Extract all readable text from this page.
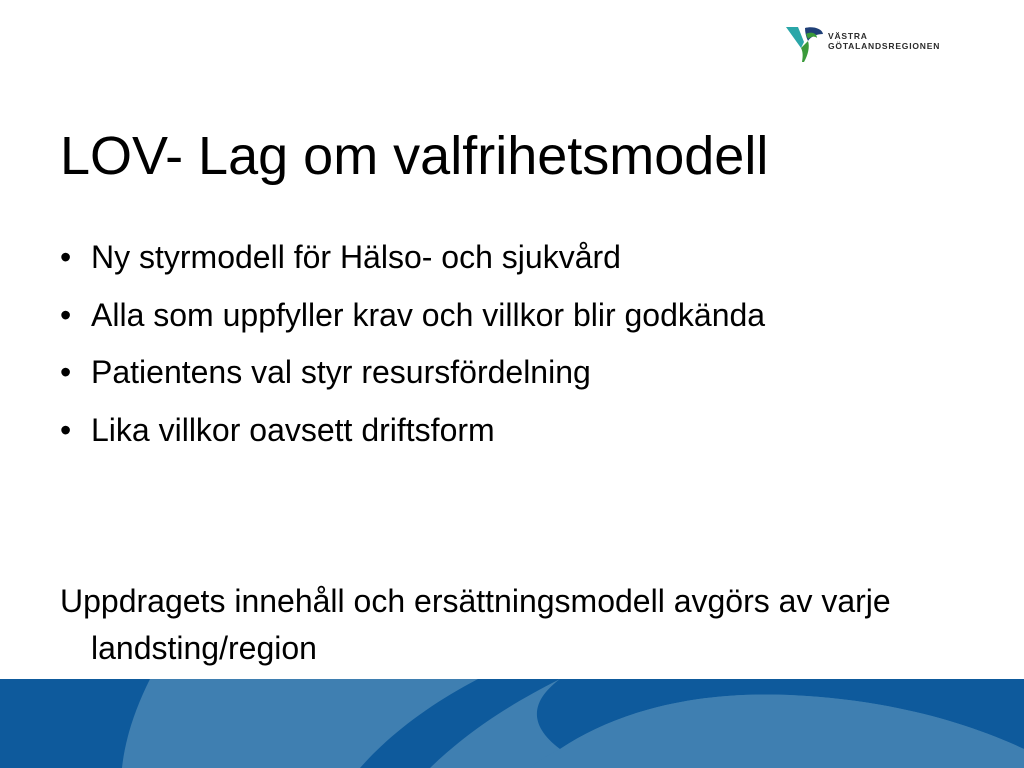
VÄSTRA
GÖTALANDSREGIONEN
LOV- Lag om valfrihetsmodell
• Ny styrmodell för Hälso- och sjukvård
• Alla som uppfyller krav och villkor blir godkända
• Patientens val styr resursfördelning
• Lika villkor oavsett driftsform

Uppdragets innehåll och ersättningsmodell avgörs av varje landsting/region
